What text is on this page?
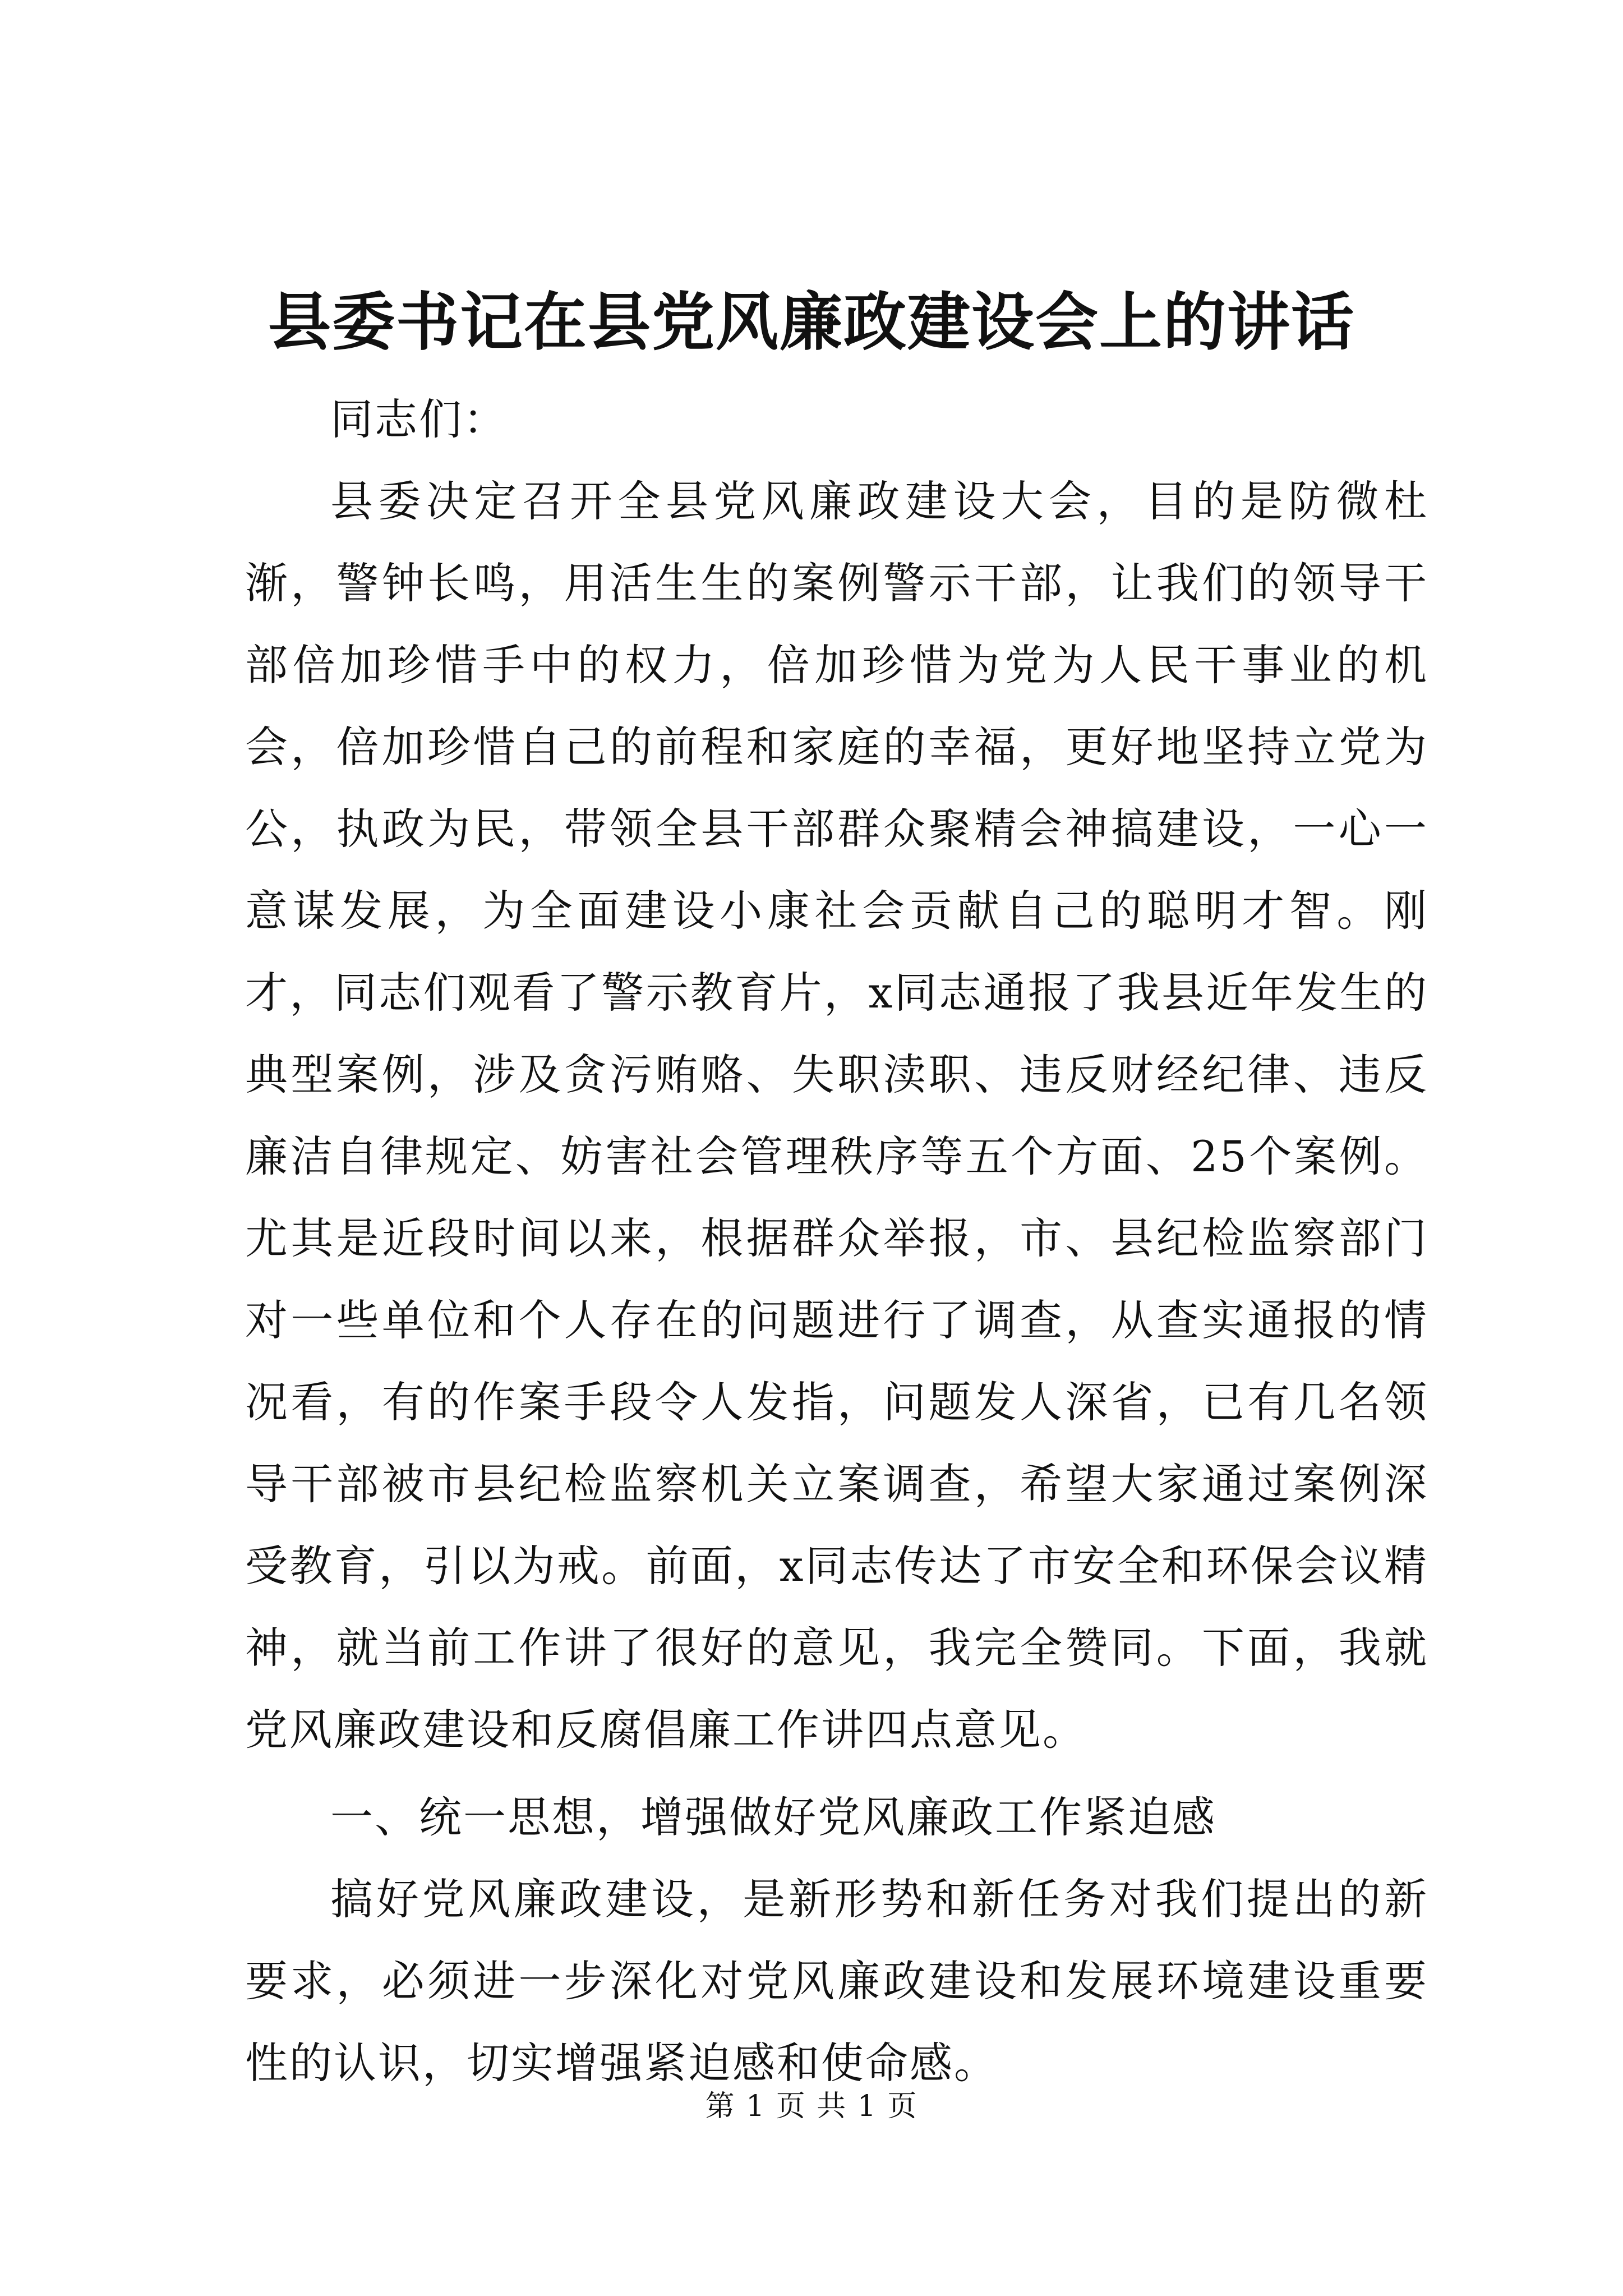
县委书记在县党风廉政建设会上的讲话

同志们：

县委决定召开全县党风廉政建设大会，目的是防微杜渐，警钟长鸣，用活生生的案例警示干部，让我们的领导干部倍加珍惜手中的权力，倍加珍惜为党为人民干事业的机会，倍加珍惜自己的前程和家庭的幸福，更好地坚持立党为公，执政为民，带领全县干部群众聚精会神搞建设，一心一意谋发展，为全面建设小康社会贡献自己的聪明才智。刚才，同志们观看了警示教育片，x同志通报了我县近年发生的典型案例，涉及贪污贿赂、失职渎职、违反财经纪律、违反廉洁自律规定、妨害社会管理秩序等五个方面、25个案例。尤其是近段时间以来，根据群众举报，市、县纪检监察部门对一些单位和个人存在的问题进行了调查，从查实通报的情况看，有的作案手段令人发指，问题发人深省，已有几名领导干部被市县纪检监察机关立案调查，希望大家通过案例深受教育，引以为戒。前面，x同志传达了市安全和环保会议精神，就当前工作讲了很好的意见，我完全赞同。下面，我就党风廉政建设和反腐倡廉工作讲四点意见。

一、统一思想，增强做好党风廉政工作紧迫感

搞好党风廉政建设，是新形势和新任务对我们提出的新要求，必须进一步深化对党风廉政建设和发展环境建设重要性的认识，切实增强紧迫感和使命感。

第 1 页 共 1 页
